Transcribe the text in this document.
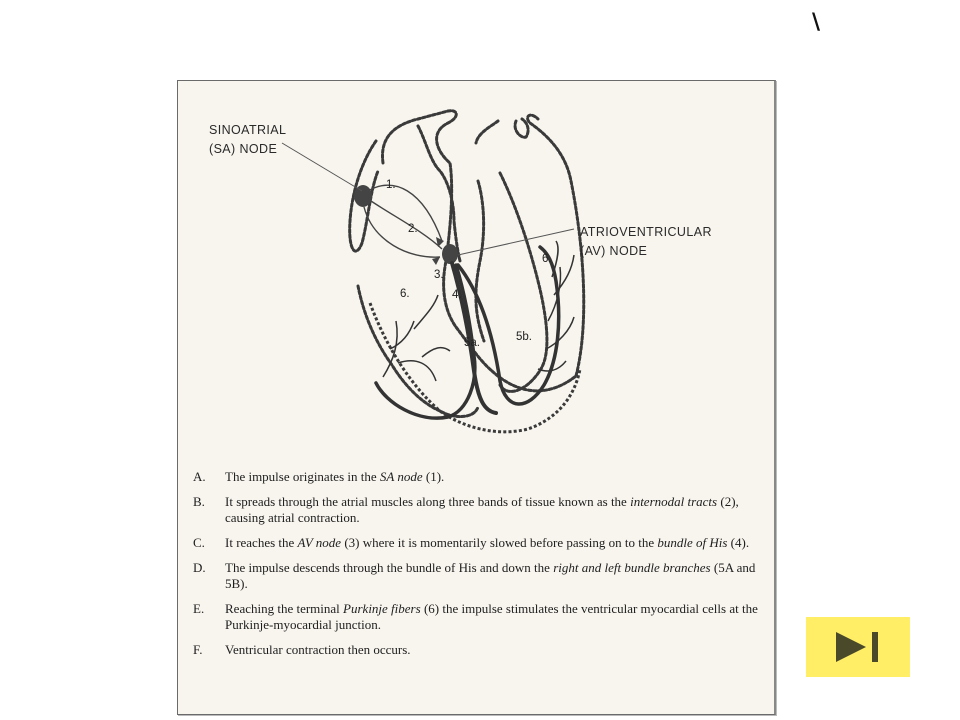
\
SINOATRIAL
(SA) NODE
ATRIOVENTRICULAR
(AV) NODE
1.
2.
3.
4.
5a.	5b.
6.
6.
A. The impulse originates in the SA node (1).
B. It spreads through the atrial muscles along three bands of tissue known as the internodal tracts (2), causing atrial contraction.
C. It reaches the AV node (3) where it is momentarily slowed before passing on to the bundle of His (4).
D. The impulse descends through the bundle of His and down the right and left bundle branches (5A and 5B).
E. Reaching the terminal Purkinje fibers (6) the impulse stimulates the ventricular myocardial cells at the Purkinje-myocardial junction.
F. Ventricular contraction then occurs.
